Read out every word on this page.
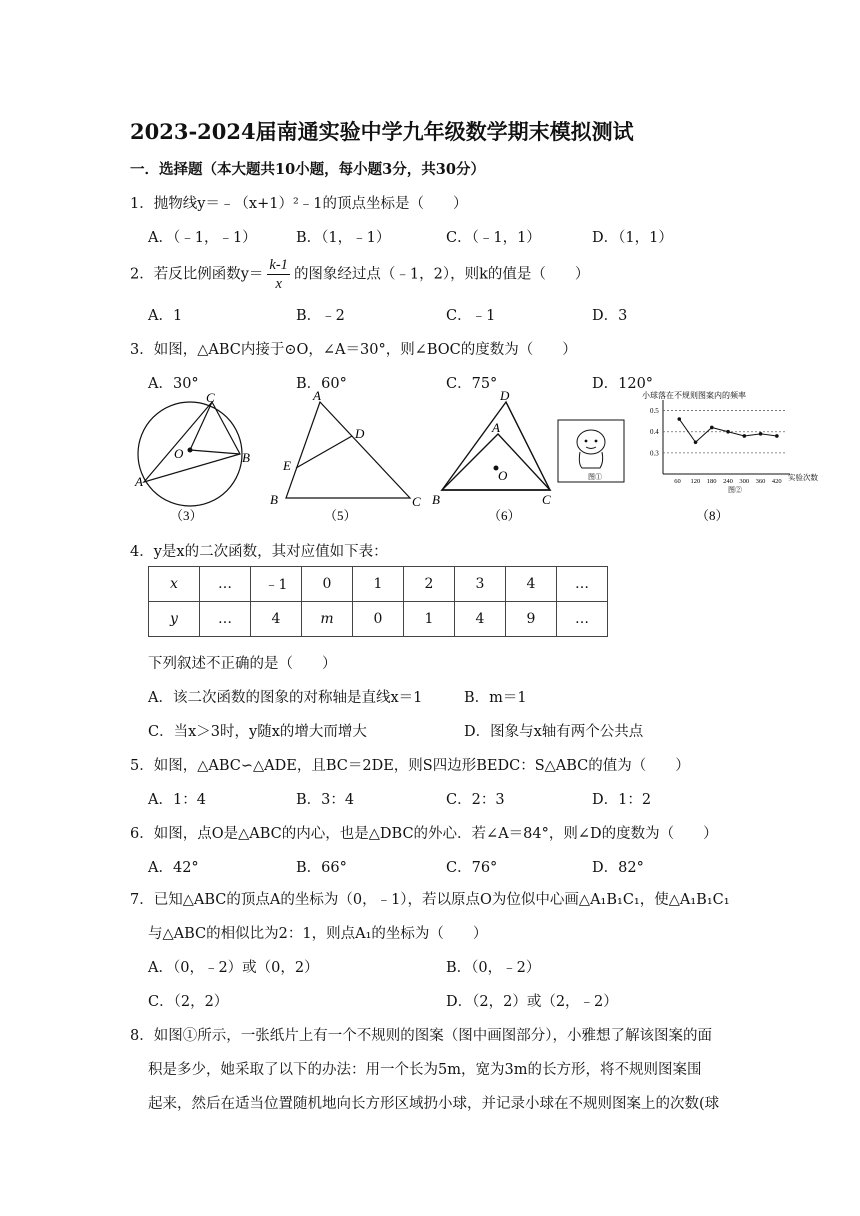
2023-2024届南通实验中学九年级数学期末模拟测试
一．选择题（本大题共10小题，每小题3分，共30分）
1．抛物线y＝﹣（x+1）²﹣1的顶点坐标是（　　）
A．（﹣1，﹣1）	B．（1，﹣1）	C．（﹣1，1）	D．（1，1）
2．若反比例函数$y= \frac{k-1}{x}$ 的图象经过点（﹣1，2），则k的值是（　　）
A．1	B．﹣2	C．﹣1	D．3
3．如图，△ABC内接于⊙O，∠A＝30°，则∠BOC的度数为（　　）
A．30°	B．60°	C．75°	D．120°
C
B
A
O
（3）
A
D
E
B	C
（5）
D
A
O
B	C
（6）
图①
小球落在不规则图案内的频率
0.3
0.4
0.5
60 120 180 240 300 360 420 实验次数
图②
（8）
4．y是x的二次函数，其对应值如下表：
x	…	﹣1	0	1	2	3	4	…
y	…	4	m	0	1	4	9	…
下列叙述不正确的是（　　）
A．该二次函数的图象的对称轴是直线x＝1	B．m＝1
C．当x＞3时，y随x的增大而增大	D．图象与x轴有两个公共点
5．如图，△ABC∽△ADE，且BC＝2DE，则S四边形BEDC：S△ABC的值为（　　）
A．1：4	B．3：4	C．2：3	D．1：2
6．如图，点O是△ABC的内心，也是△DBC的外心．若∠A＝84°，则∠D的度数为（　　）
A．42°	B．66°	C．76°	D．82°
7．已知△ABC的顶点A的坐标为（0，﹣1），若以原点O为位似中心画△A₁B₁C₁，使△A₁B₁C₁
与△ABC的相似比为2：1，则点A₁的坐标为（　　）
A．（0，﹣2）或（0，2）	B．（0，﹣2）
C．（2，2）	D．（2，2）或（2，﹣2）
8．如图①所示，一张纸片上有一个不规则的图案（图中画图部分），小雅想了解该图案的面
积是多少，她采取了以下的办法：用一个长为5m，宽为3m的长方形，将不规则图案围
起来，然后在适当位置随机地向长方形区域扔小球，并记录小球在不规则图案上的次数(球
